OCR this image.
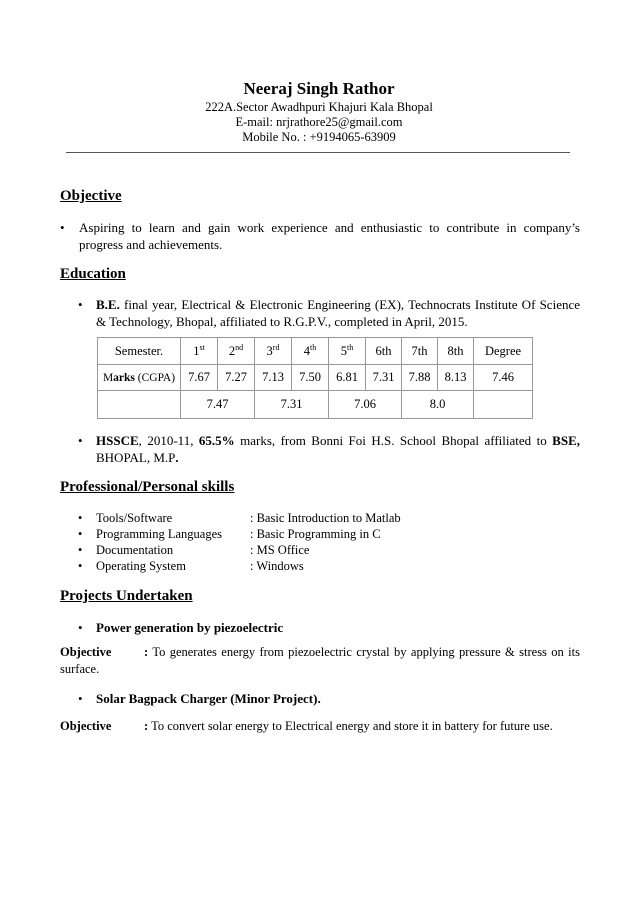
Neeraj Singh Rathor
222A.Sector Awadhpuri Khajuri Kala Bhopal
E-mail: nrjrathore25@gmail.com
Mobile No. : +9194065-63909
Objective
• Aspiring to learn and gain work experience and enthusiastic to contribute in company’s progress and achievements.
Education
• B.E. final year, Electrical & Electronic Engineering (EX), Technocrats Institute Of Science & Technology, Bhopal, affiliated to R.G.P.V., completed in April, 2015.
Semester.	1st	2nd	3rd	4th	5th	6th	7th	8th	Degree
Marks (CGPA)	7.67	7.27	7.13	7.50	6.81	7.31	7.88	8.13	7.46
	7.47		7.31		7.06		8.0		
• HSSCE, 2010-11, 65.5% marks, from Bonni Foi H.S. School Bhopal affiliated to BSE,
BHOPAL, M.P.
Professional/Personal skills
• Tools/Software	: Basic Introduction to Matlab
• Programming Languages : Basic Programming in C
• Documentation	: MS Office
• Operating System	: Windows
Projects Undertaken
• Power generation by piezoelectric
Objective	: To generates energy from piezoelectric crystal by applying pressure & stress on its surface.
• Solar Bagpack Charger (Minor Project).
Objective	: To convert solar energy to Electrical energy and store it in battery for future use.
